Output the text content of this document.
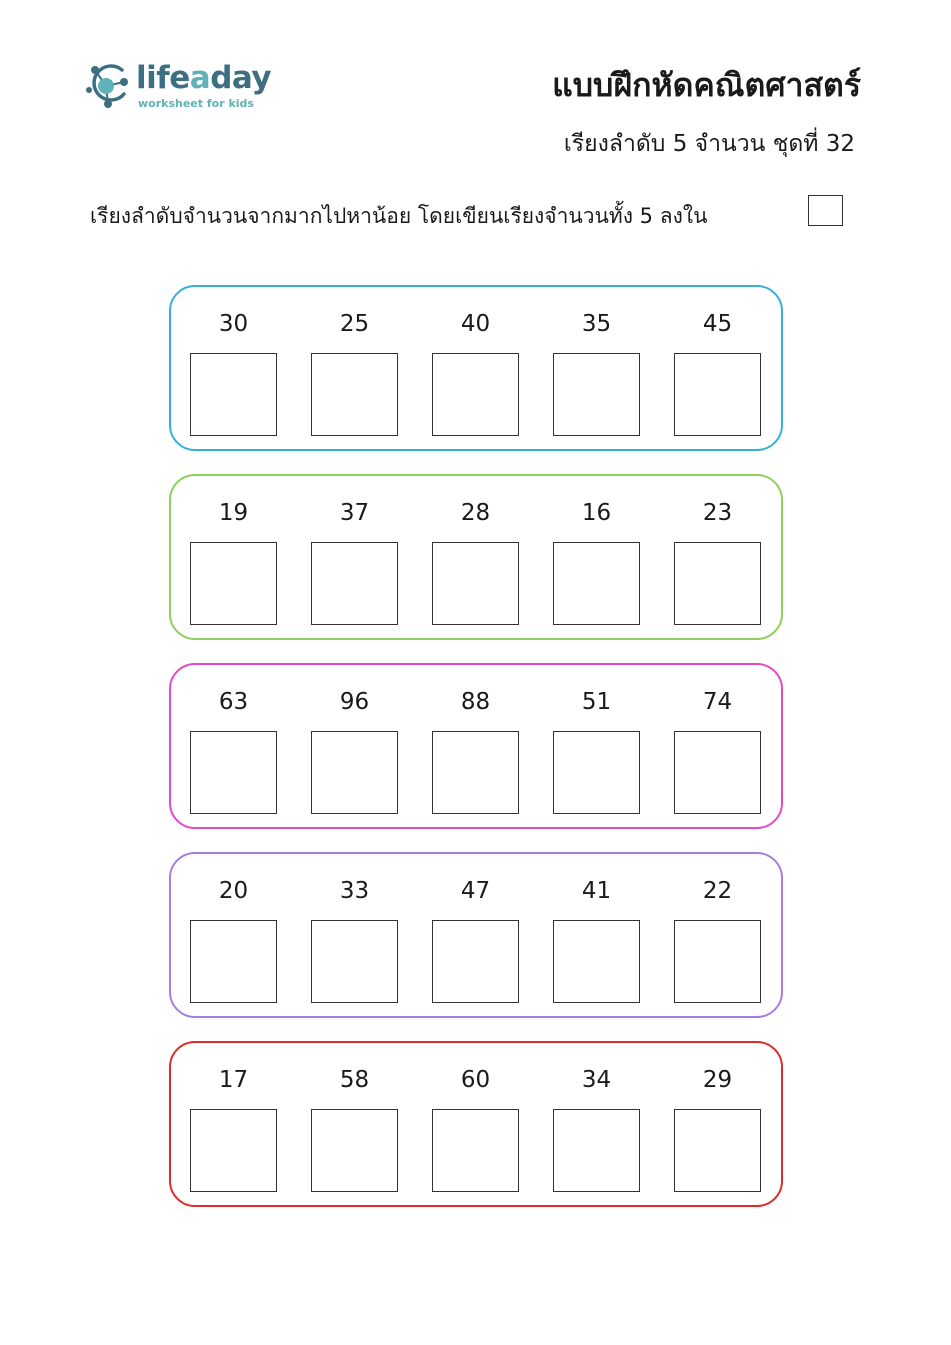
lifeaday
worksheet for kids	แบบฝึกหัดคณิตศาสตร์
เรียงลำดับ 5 จำนวน ชุดที่ 32
เรียงลำดับจำนวนจากมากไปหาน้อย โดยเขียนเรียงจำนวนทั้ง 5 ลงใน
30	25	40	35	45
19	37	28	16	23
63	96	88	51	74
20	33	47	41	22
17	58	60	34	29
